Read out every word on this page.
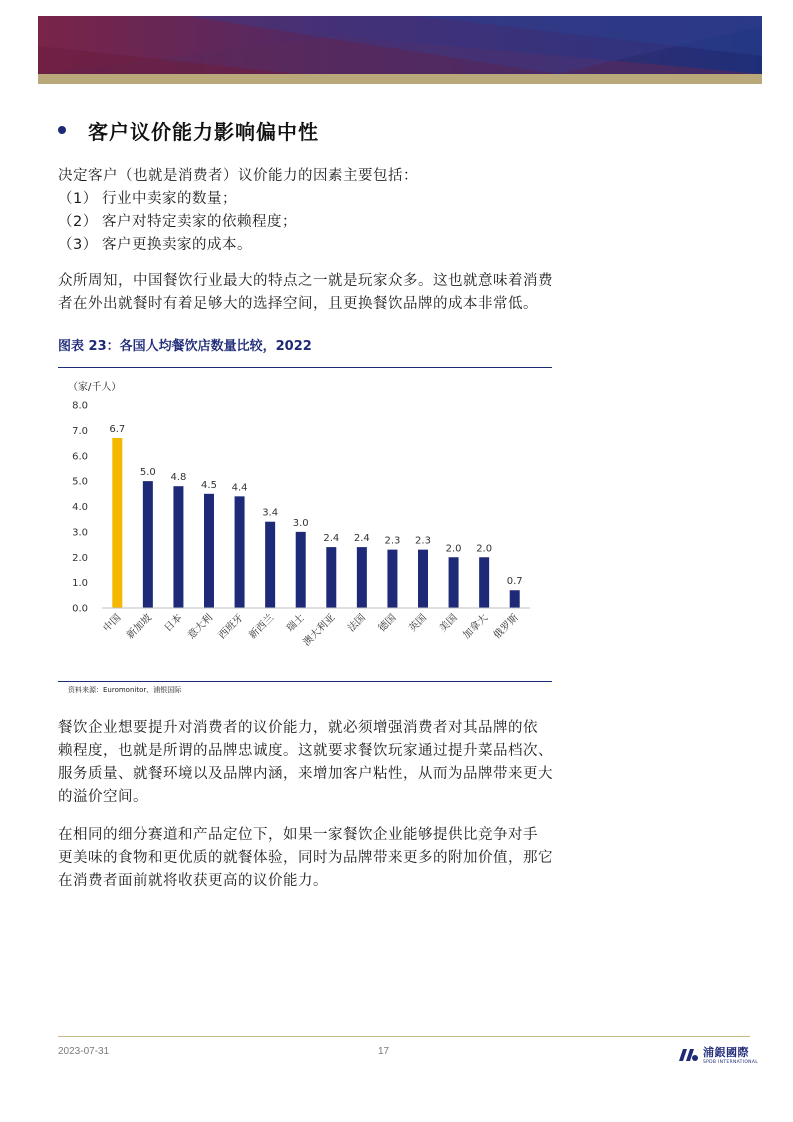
客户议价能力影响偏中性
决定客户（也就是消费者）议价能力的因素主要包括：
（1） 行业中卖家的数量；
（2） 客户对特定卖家的依赖程度；
（3） 客户更换卖家的成本。
众所周知，中国餐饮行业最大的特点之一就是玩家众多。这也就意味着消费
者在外出就餐时有着足够大的选择空间，且更换餐饮品牌的成本非常低。
图表 23：各国人均餐饮店数量比较，2022
（家/千人）
0.0
1.0
2.0
3.0
4.0
5.0
6.0
7.0
8.0
6.7
5.0 4.8
4.5 4.4
3.4
3.0
2.4 2.4 2.3 2.3
2.0 2.0
0.7
中国 新加坡 日本 意大利 西班牙 新西兰 瑞士
澳大利亚 法国 德国 英国 美国 加拿大 俄罗斯
资料来源：Euromonitor、浦银国际
餐饮企业想要提升对消费者的议价能力，就必须增强消费者对其品牌的依
赖程度，也就是所谓的品牌忠诚度。这就要求餐饮玩家通过提升菜品档次、
服务质量、就餐环境以及品牌内涵，来增加客户粘性，从而为品牌带来更大
的溢价空间。
在相同的细分赛道和产品定位下，如果一家餐饮企业能够提供比竞争对手
更美味的食物和更优质的就餐体验，同时为品牌带来更多的附加价值，那它
在消费者面前就将收获更高的议价能力。
2023-07-31	17	浦銀國際
SPDB INTERNATIONAL
